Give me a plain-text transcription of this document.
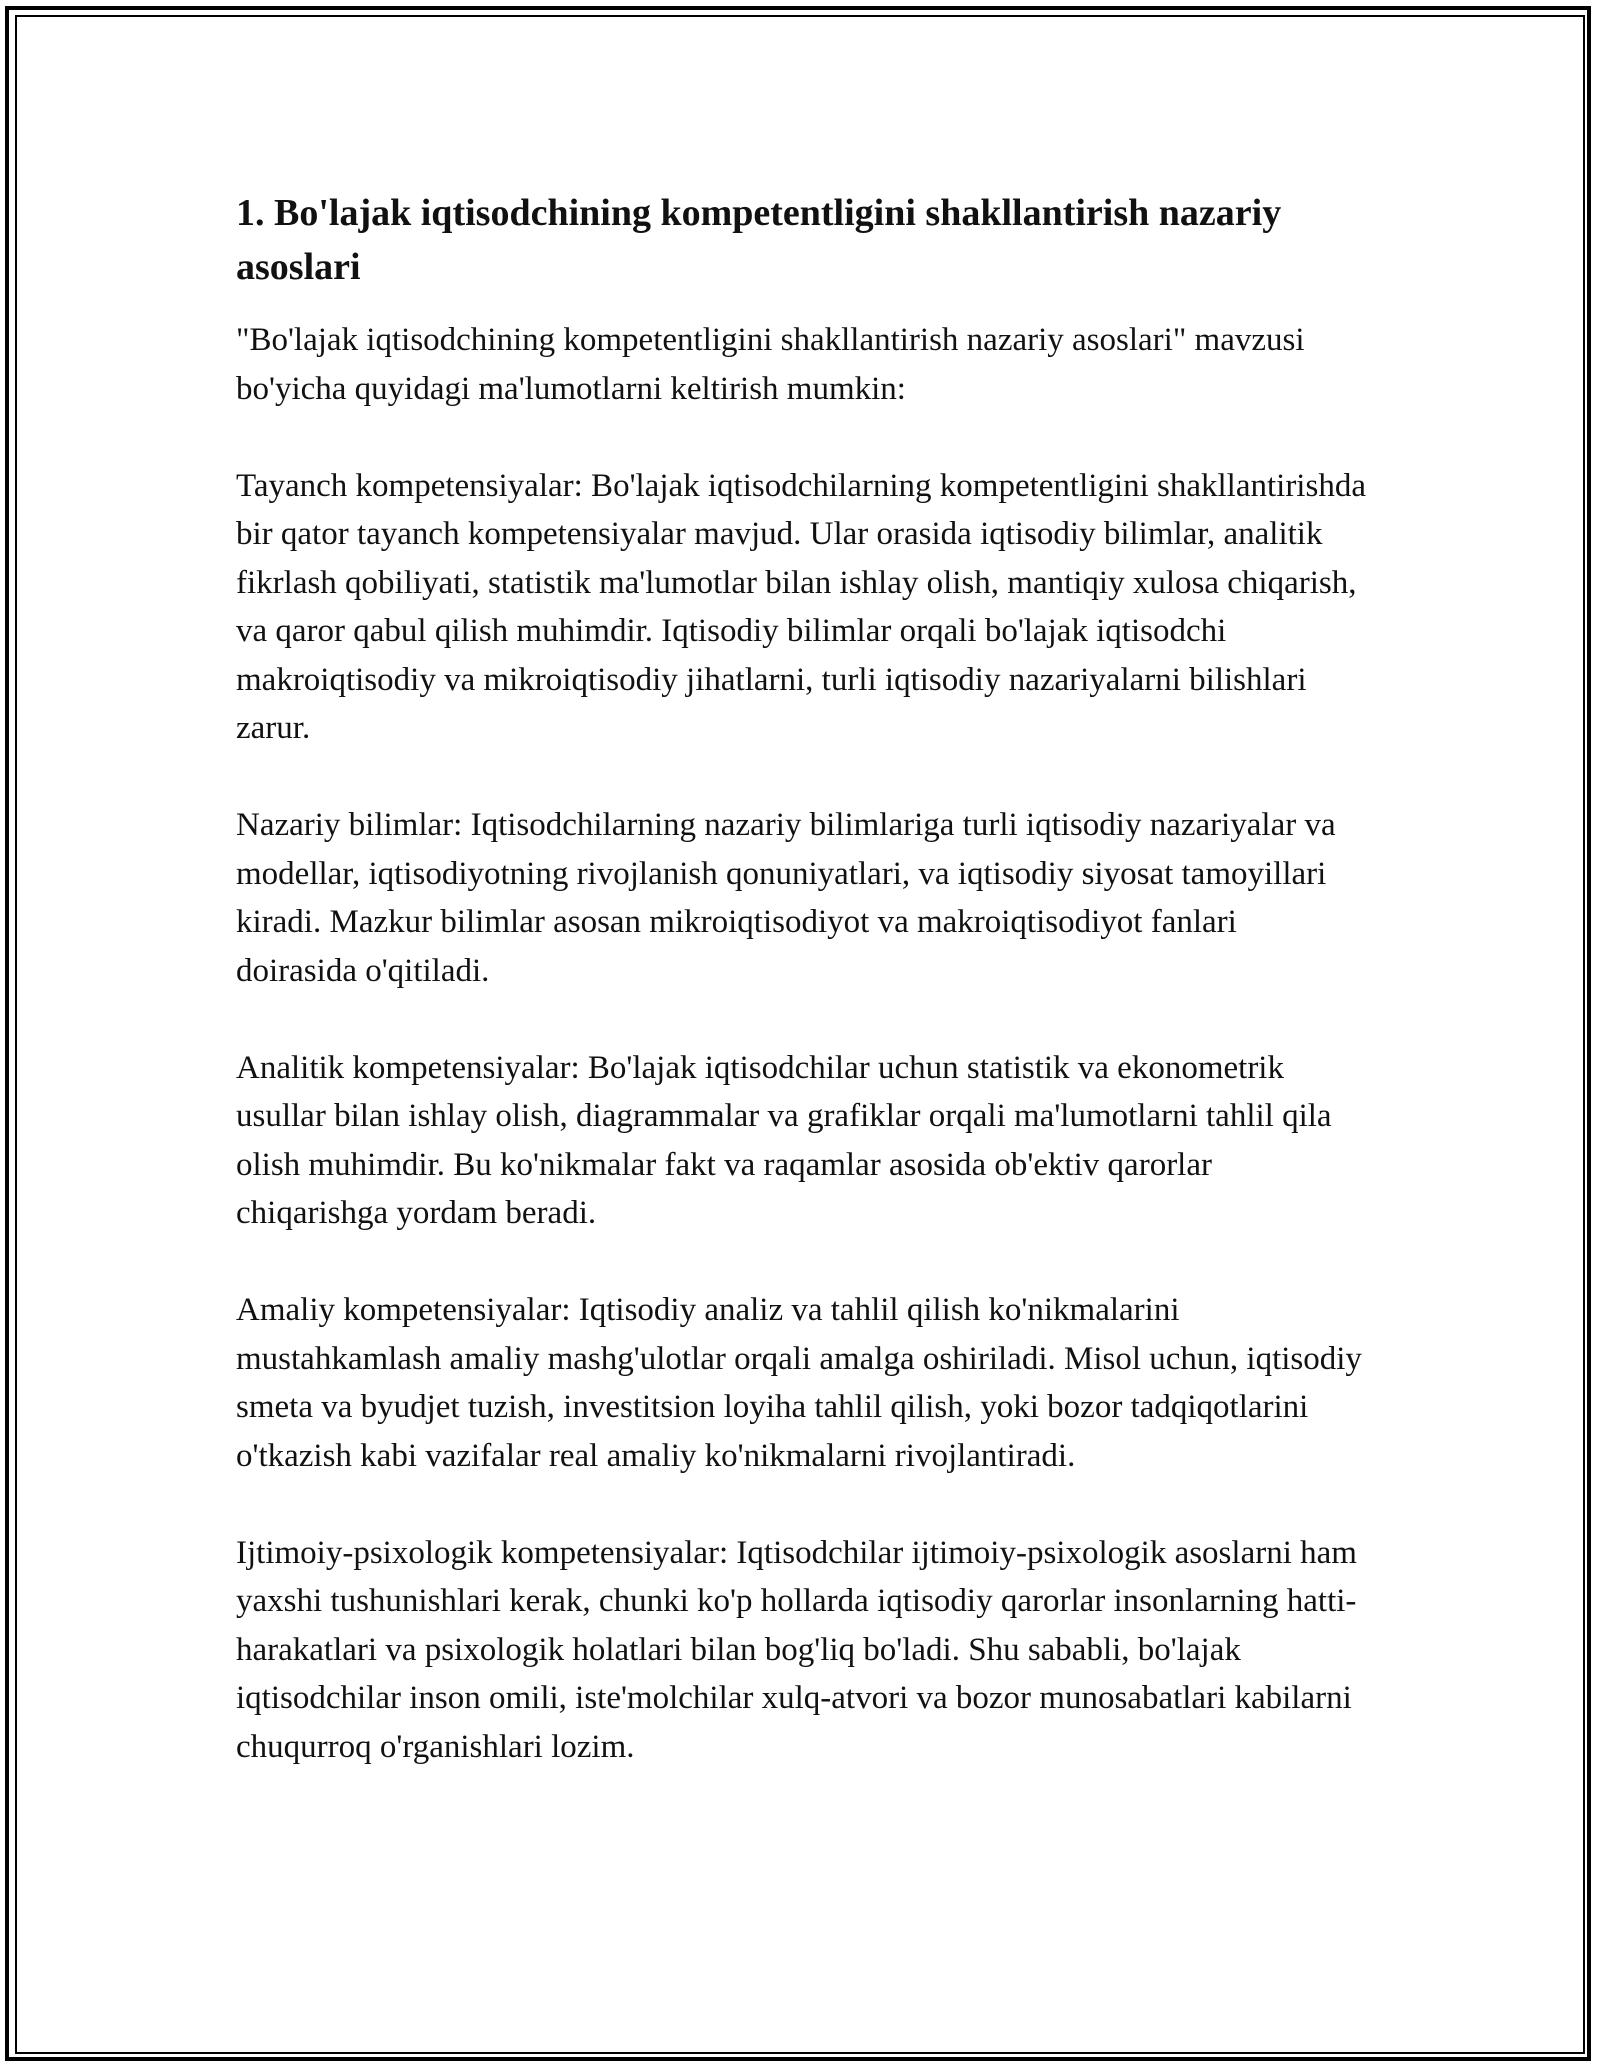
1. Bo'lajak iqtisodchining kompetentligini shakllantirish nazariy asoslari

"Bo'lajak iqtisodchining kompetentligini shakllantirish nazariy asoslari" mavzusi bo'yicha quyidagi ma'lumotlarni keltirish mumkin:

Tayanch kompetensiyalar: Bo'lajak iqtisodchilarning kompetentligini shakllantirishda bir qator tayanch kompetensiyalar mavjud. Ular orasida iqtisodiy bilimlar, analitik fikrlash qobiliyati, statistik ma'lumotlar bilan ishlay olish, mantiqiy xulosa chiqarish, va qaror qabul qilish muhimdir. Iqtisodiy bilimlar orqali bo'lajak iqtisodchi makroiqtisodiy va mikroiqtisodiy jihatlarni, turli iqtisodiy nazariyalarni bilishlari zarur.

Nazariy bilimlar: Iqtisodchilarning nazariy bilimlariga turli iqtisodiy nazariyalar va modellar, iqtisodiyotning rivojlanish qonuniyatlari, va iqtisodiy siyosat tamoyillari kiradi. Mazkur bilimlar asosan mikroiqtisodiyot va makroiqtisodiyot fanlari doirasida o'qitiladi.

Analitik kompetensiyalar: Bo'lajak iqtisodchilar uchun statistik va ekonometrik usullar bilan ishlay olish, diagrammalar va grafiklar orqali ma'lumotlarni tahlil qila olish muhimdir. Bu ko'nikmalar fakt va raqamlar asosida ob'ektiv qarorlar chiqarishga yordam beradi.

Amaliy kompetensiyalar: Iqtisodiy analiz va tahlil qilish ko'nikmalarini mustahkamlash amaliy mashg'ulotlar orqali amalga oshiriladi. Misol uchun, iqtisodiy smeta va byudjet tuzish, investitsion loyiha tahlil qilish, yoki bozor tadqiqotlarini o'tkazish kabi vazifalar real amaliy ko'nikmalarni rivojlantiradi.

Ijtimoiy-psixologik kompetensiyalar: Iqtisodchilar ijtimoiy-psixologik asoslarni ham yaxshi tushunishlari kerak, chunki ko'p hollarda iqtisodiy qarorlar insonlarning hatti-harakatlari va psixologik holatlari bilan bog'liq bo'ladi. Shu sababli, bo'lajak iqtisodchilar inson omili, iste'molchilar xulq-atvori va bozor munosabatlari kabilarni chuqurroq o'rganishlari lozim.
